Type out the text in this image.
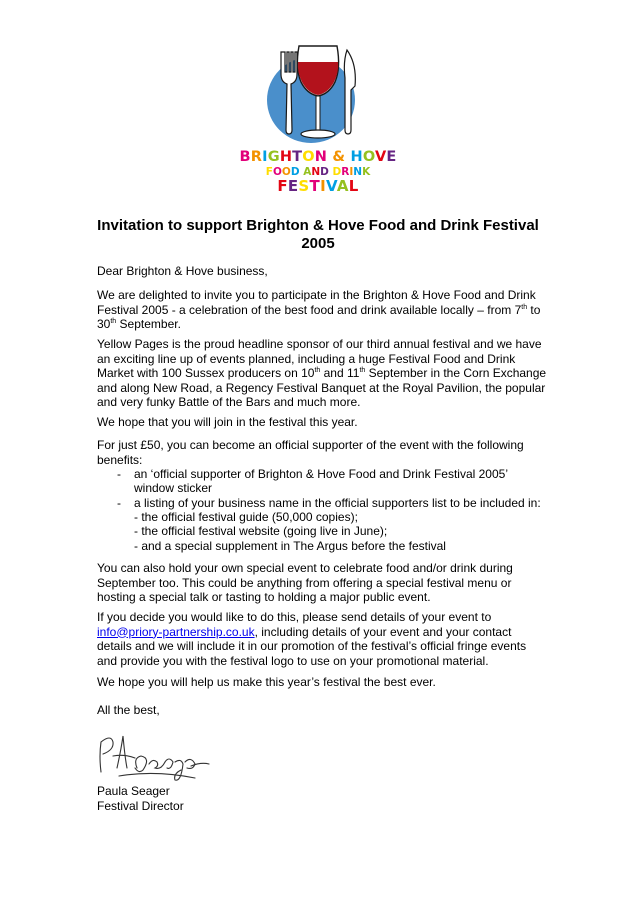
BRIGHTON & HOVE
FOOD AND DRINK
FESTIVAL
Invitation to support Brighton & Hove Food and Drink Festival 2005

Dear Brighton & Hove business,

We are delighted to invite you to participate in the Brighton & Hove Food and Drink Festival 2005 - a celebration of the best food and drink available locally – from 7th to 30th September.

Yellow Pages is the proud headline sponsor of our third annual festival and we have an exciting line up of events planned, including a huge Festival Food and Drink Market with 100 Sussex producers on 10th and 11th September in the Corn Exchange and along New Road, a Regency Festival Banquet at the Royal Pavilion, the popular and very funky Battle of the Bars and much more.

We hope that you will join in the festival this year.

For just £50, you can become an official supporter of the event with the following benefits:

- an ‘official supporter of Brighton & Hove Food and Drink Festival 2005’
window sticker
- a listing of your business name in the official supporters list to be included in:
- the official festival guide (50,000 copies);
- the official festival website (going live in June);
- and a special supplement in The Argus before the festival

You can also hold your own special event to celebrate food and/or drink during September too. This could be anything from offering a special festival menu or hosting a special talk or tasting to holding a major public event.

If you decide you would like to do this, please send details of your event to info@priory-partnership.co.uk, including details of your event and your contact details and we will include it in our promotion of the festival’s official fringe events and provide you with the festival logo to use on your promotional material.

We hope you will help us make this year’s festival the best ever.

All the best,

Paula Seager

Festival Director
